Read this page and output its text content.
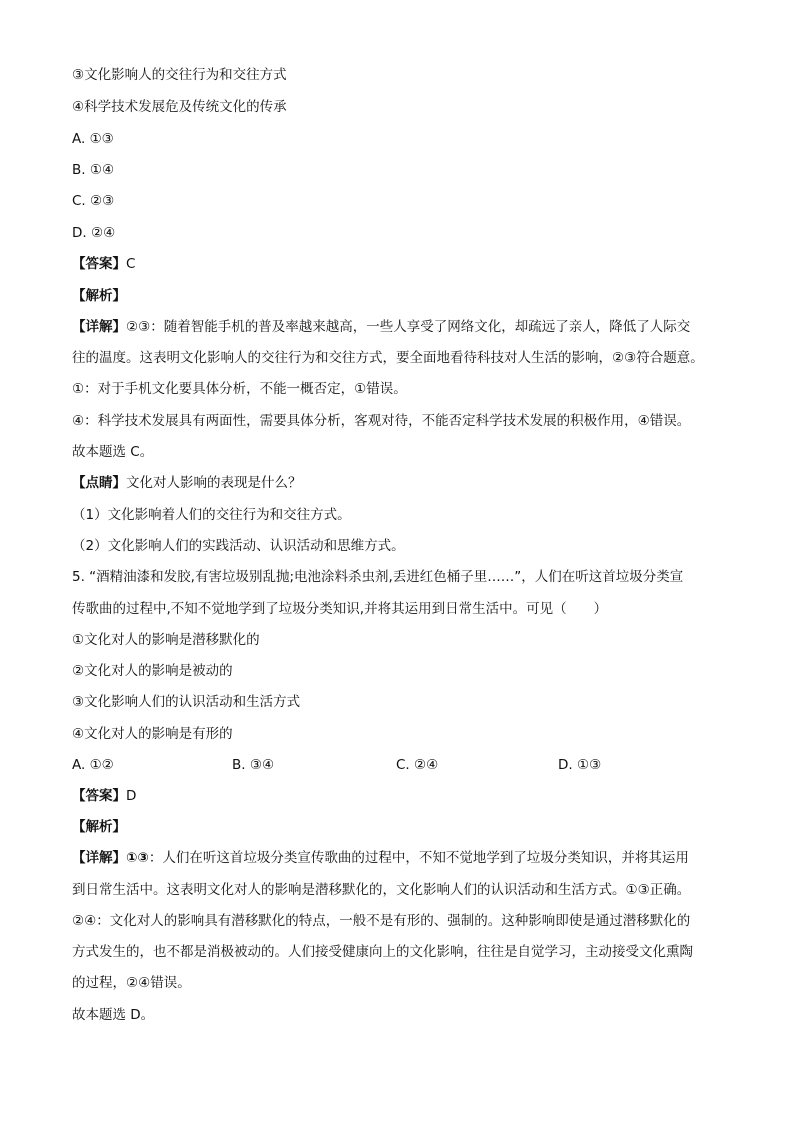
③文化影响人的交往行为和交往方式
④科学技术发展危及传统文化的传承
A. ①③
B. ①④
C. ②③
D. ②④
【答案】C
【解析】
【详解】②③：随着智能手机的普及率越来越高，一些人享受了网络文化，却疏远了亲人，降低了人际交
往的温度。这表明文化影响人的交往行为和交往方式，要全面地看待科技对人生活的影响，②③符合题意。
①：对于手机文化要具体分析，不能一概否定，①错误。
④：科学技术发展具有两面性，需要具体分析，客观对待，不能否定科学技术发展的积极作用，④错误。
故本题选 C。
【点睛】文化对人影响的表现是什么？
（1）文化影响着人们的交往行为和交往方式。
（2）文化影响人们的实践活动、认识活动和思维方式。
5. “酒精油漆和发胶,有害垃圾别乱抛;电池涂料杀虫剂,丢进红色桶子里……”，人们在听这首垃圾分类宣
传歌曲的过程中,不知不觉地学到了垃圾分类知识,并将其运用到日常生活中。可见（　　）
①文化对人的影响是潜移默化的
②文化对人的影响是被动的
③文化影响人们的认识活动和生活方式
④文化对人的影响是有形的
A. ①②	B. ③④	C. ②④	D. ①③
【答案】D
【解析】
【详解】①③：人们在听这首垃圾分类宣传歌曲的过程中，不知不觉地学到了垃圾分类知识，并将其运用
到日常生活中。这表明文化对人的影响是潜移默化的，文化影响人们的认识活动和生活方式。①③正确。
②④：文化对人的影响具有潜移默化的特点，一般不是有形的、强制的。这种影响即使是通过潜移默化的
方式发生的，也不都是消极被动的。人们接受健康向上的文化影响，往往是自觉学习，主动接受文化熏陶
的过程，②④错误。
故本题选 D。
